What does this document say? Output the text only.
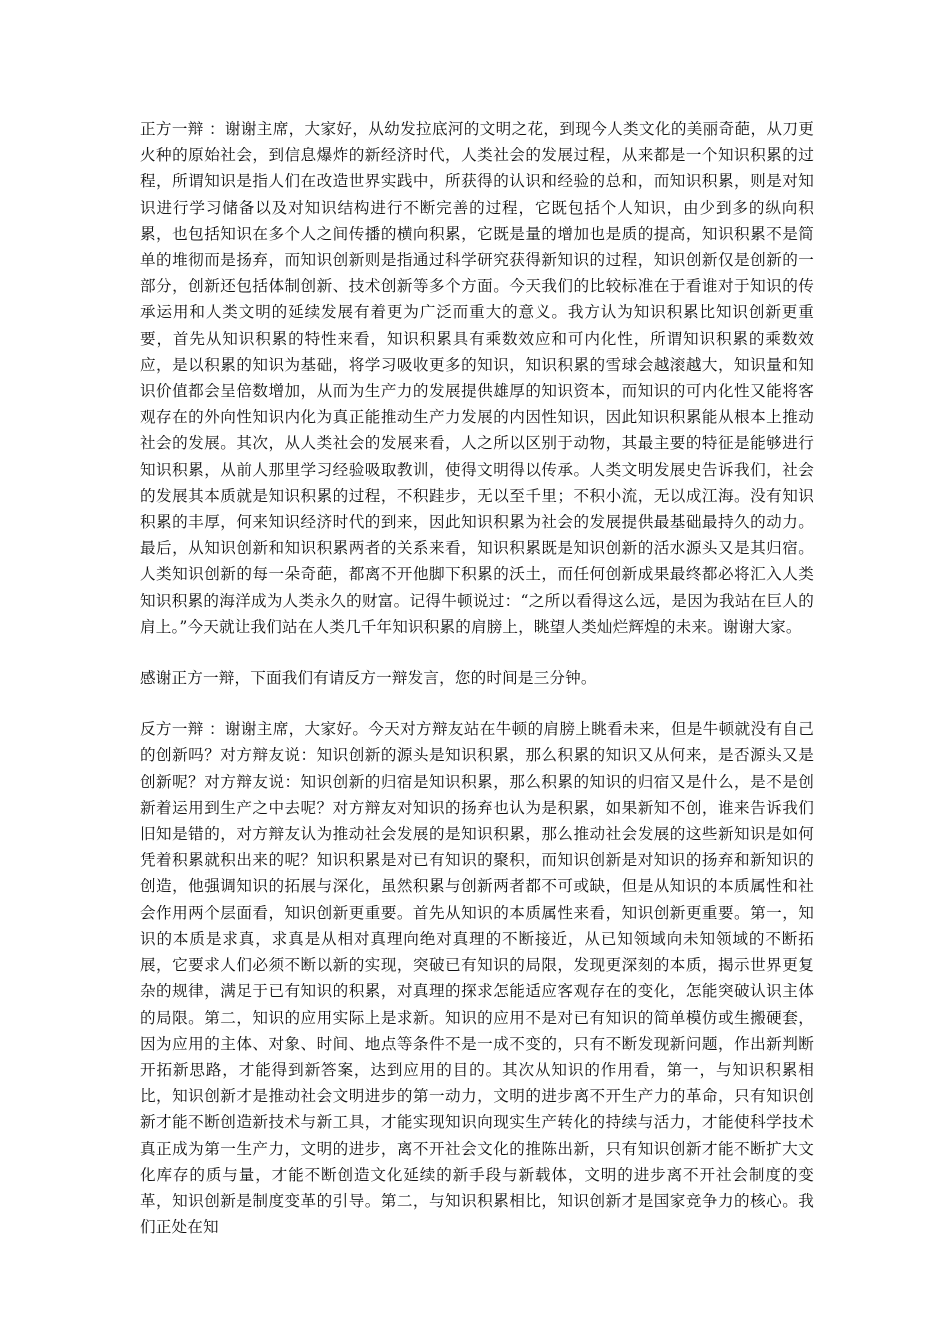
正方一辩 ：谢谢主席，大家好，从幼发拉底河的文明之花，到现今人类文化的美丽奇葩，从刀更火种的原始社会，到信息爆炸的新经济时代，人类社会的发展过程，从来都是一个知识积累的过程，所谓知识是指人们在改造世界实践中，所获得的认识和经验的总和，而知识积累，则是对知识进行学习储备以及对知识结构进行不断完善的过程，它既包括个人知识，由少到多的纵向积累，也包括知识在多个人之间传播的横向积累，它既是量的增加也是质的提高，知识积累不是简单的堆彻而是扬弃，而知识创新则是指通过科学研究获得新知识的过程，知识创新仅是创新的一部分，创新还包括体制创新、技术创新等多个方面。今天我们的比较标准在于看谁对于知识的传承运用和人类文明的延续发展有着更为广泛而重大的意义。我方认为知识积累比知识创新更重要，首先从知识积累的特性来看，知识积累具有乘数效应和可内化性，所谓知识积累的乘数效应，是以积累的知识为基础，将学习吸收更多的知识，知识积累的雪球会越滚越大，知识量和知识价值都会呈倍数增加，从而为生产力的发展提供雄厚的知识资本，而知识的可内化性又能将客观存在的外向性知识内化为真正能推动生产力发展的内因性知识，因此知识积累能从根本上推动社会的发展。其次，从人类社会的发展来看，人之所以区别于动物，其最主要的特征是能够进行知识积累，从前人那里学习经验吸取教训，使得文明得以传承。人类文明发展史告诉我们，社会的发展其本质就是知识积累的过程，不积跬步，无以至千里；不积小流，无以成江海。没有知识积累的丰厚，何来知识经济时代的到来，因此知识积累为社会的发展提供最基础最持久的动力。最后，从知识创新和知识积累两者的关系来看，知识积累既是知识创新的活水源头又是其归宿。人类知识创新的每一朵奇葩，都离不开他脚下积累的沃土，而任何创新成果最终都必将汇入人类知识积累的海洋成为人类永久的财富。记得牛顿说过：“之所以看得这么远，是因为我站在巨人的肩上。”今天就让我们站在人类几千年知识积累的肩膀上，眺望人类灿烂辉煌的未来。谢谢大家。

感谢正方一辩，下面我们有请反方一辩发言，您的时间是三分钟。

反方一辩 ：谢谢主席，大家好。今天对方辩友站在牛顿的肩膀上眺看未来，但是牛顿就没有自己的创新吗？对方辩友说：知识创新的源头是知识积累，那么积累的知识又从何来，是否源头又是创新呢？对方辩友说：知识创新的归宿是知识积累，那么积累的知识的归宿又是什么，是不是创新着运用到生产之中去呢？对方辩友对知识的扬弃也认为是积累，如果新知不创，谁来告诉我们旧知是错的，对方辩友认为推动社会发展的是知识积累，那么推动社会发展的这些新知识是如何凭着积累就积出来的呢？知识积累是对已有知识的聚积，而知识创新是对知识的扬弃和新知识的创造，他强调知识的拓展与深化，虽然积累与创新两者都不可或缺，但是从知识的本质属性和社会作用两个层面看，知识创新更重要。首先从知识的本质属性来看，知识创新更重要。第一，知识的本质是求真，求真是从相对真理向绝对真理的不断接近，从已知领域向未知领域的不断拓展，它要求人们必须不断以新的实现，突破已有知识的局限，发现更深刻的本质，揭示世界更复杂的规律，满足于已有知识的积累，对真理的探求怎能适应客观存在的变化，怎能突破认识主体的局限。第二，知识的应用实际上是求新。知识的应用不是对已有知识的简单模仿或生搬硬套，因为应用的主体、对象、时间、地点等条件不是一成不变的，只有不断发现新问题，作出新判断开拓新思路，才能得到新答案，达到应用的目的。其次从知识的作用看，第一，与知识积累相比，知识创新才是推动社会文明进步的第一动力，文明的进步离不开生产力的革命，只有知识创新才能不断创造新技术与新工具，才能实现知识向现实生产转化的持续与活力，才能使科学技术真正成为第一生产力，文明的进步，离不开社会文化的推陈出新，只有知识创新才能不断扩大文化库存的质与量，才能不断创造文化延续的新手段与新载体，文明的进步离不开社会制度的变革，知识创新是制度变革的引导。第二，与知识积累相比，知识创新才是国家竞争力的核心。我们正处在知
